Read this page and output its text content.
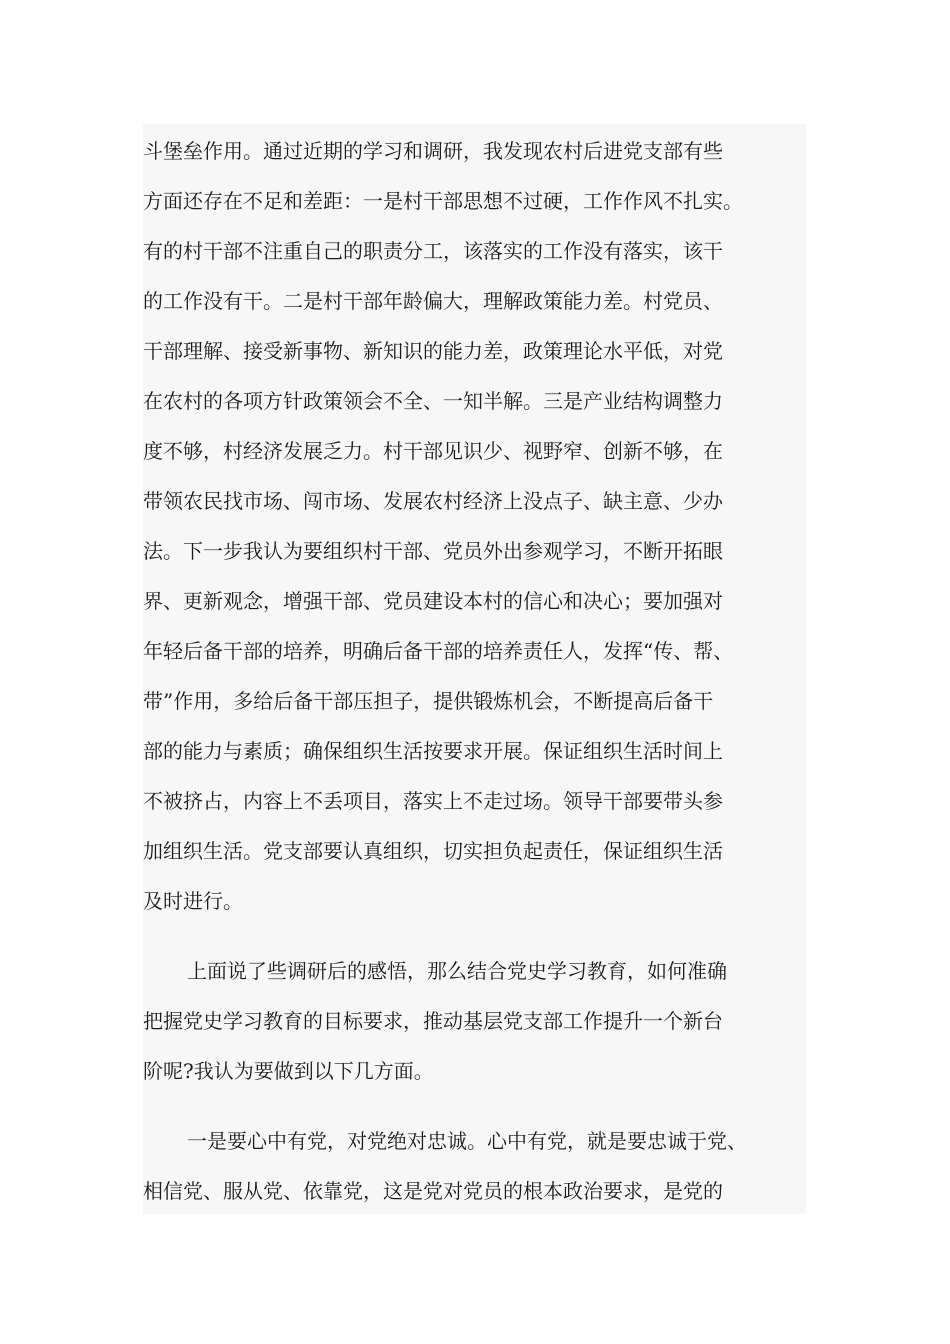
斗堡垒作用。通过近期的学习和调研，我发现农村后进党支部有些
方面还存在不足和差距：一是村干部思想不过硬，工作作风不扎实。
有的村干部不注重自己的职责分工，该落实的工作没有落实，该干
的工作没有干。二是村干部年龄偏大，理解政策能力差。村党员、
干部理解、接受新事物、新知识的能力差，政策理论水平低，对党
在农村的各项方针政策领会不全、一知半解。三是产业结构调整力
度不够，村经济发展乏力。村干部见识少、视野窄、创新不够，在
带领农民找市场、闯市场、发展农村经济上没点子、缺主意、少办
法。下一步我认为要组织村干部、党员外出参观学习，不断开拓眼
界、更新观念，增强干部、党员建设本村的信心和决心；要加强对
年轻后备干部的培养，明确后备干部的培养责任人，发挥“传、帮、
带”作用，多给后备干部压担子，提供锻炼机会，不断提高后备干
部的能力与素质；确保组织生活按要求开展。保证组织生活时间上
不被挤占，内容上不丢项目，落实上不走过场。领导干部要带头参
加组织生活。党支部要认真组织，切实担负起责任，保证组织生活
及时进行。
上面说了些调研后的感悟，那么结合党史学习教育，如何准确
把握党史学习教育的目标要求，推动基层党支部工作提升一个新台
阶呢?我认为要做到以下几方面。
一是要心中有党，对党绝对忠诚。心中有党，就是要忠诚于党、
相信党、服从党、依靠党，这是党对党员的根本政治要求，是党的
